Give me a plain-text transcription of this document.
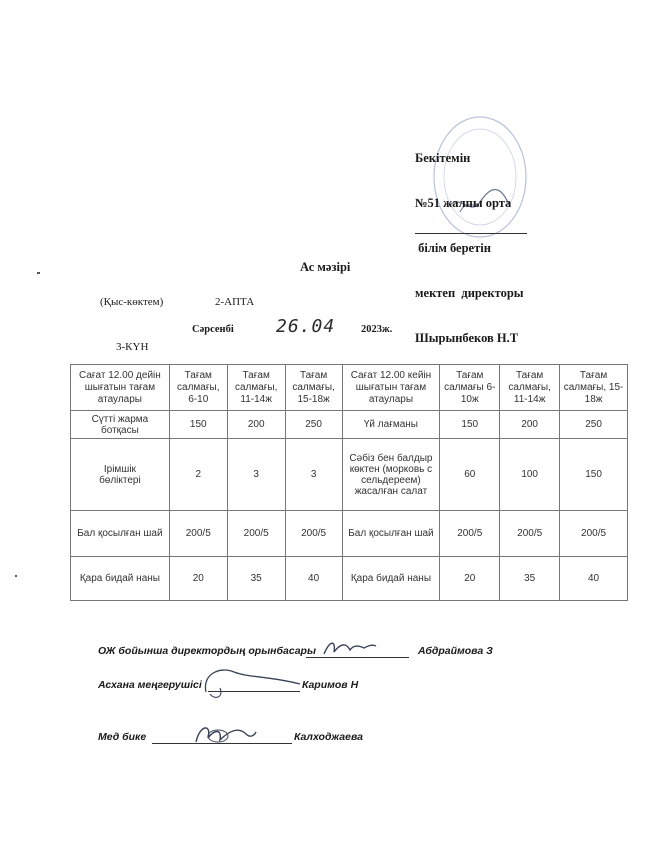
Бекітемін

№51 жалпы орта

білім беретін

мектеп  директоры

Шырынбеков Н.Т

Ас мәзірі
(Қыс-көктем)	2-АПТА
Сәрсенбі 26.04 2023ж.
3-КҮН
Сағат 12.00 дейін шығатын тағам атаулары	Тағам салмағы, 6-10	Тағам салмағы, 11-14ж	Тағам салмағы, 15-18ж	Сағат 12.00 кейін шығатын тағам атаулары	Тағам салмағы 6-10ж	Тағам салмағы, 11-14ж	Тағам салмағы, 15-18ж
Сүтті жарма ботқасы	150	200	250	Үй лағманы	150	200	250
Ірімшік бөліктері	2	3	3	Сәбіз бен балдыр көктен (морковь с сельдереем) жасалған салат	60	100	150
Бал қосылған шай	200/5	200/5	200/5	Бал қосылған шай	200/5	200/5	200/5
Қара бидай наны	20	35	40	Қара бидай наны	20	35	40
ОЖ бойынша директордың орынбасары	Абдраймова З
Асхана меңгерушісі	Каримов Н
Мед бике	Калходжаева
